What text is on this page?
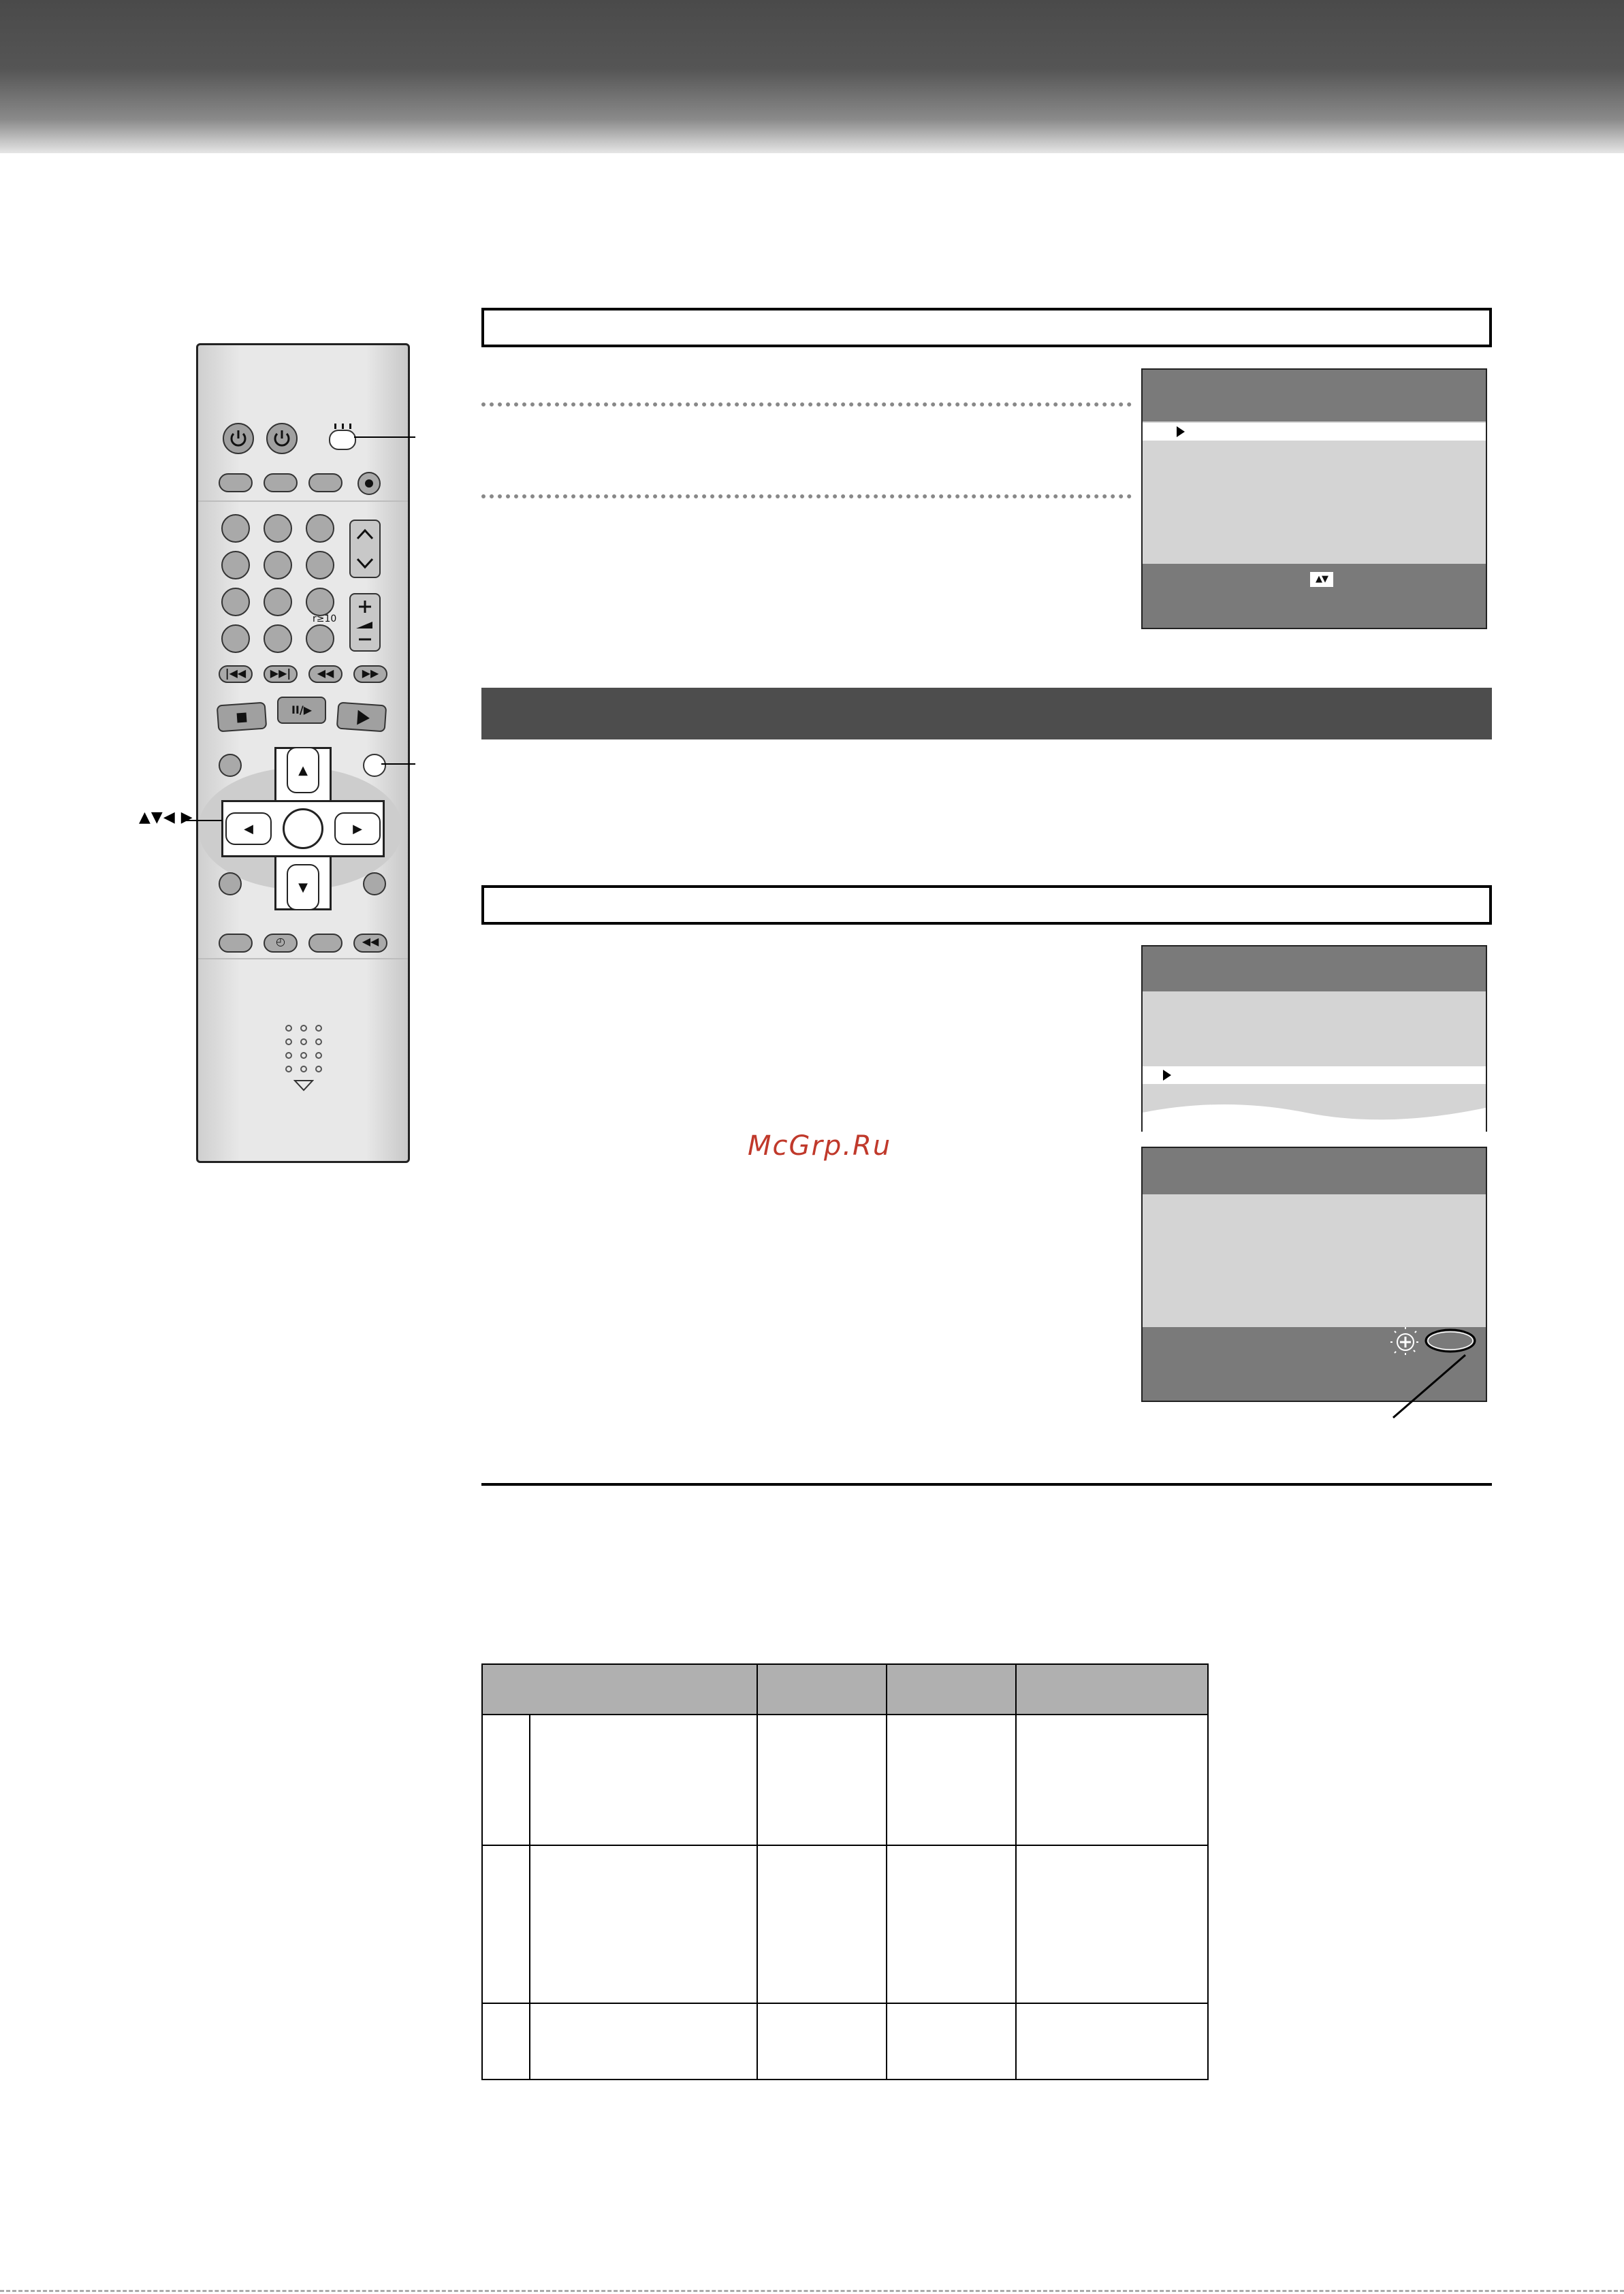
r≥10
|◀◀	▶▶|	◀◀	▶▶
II/▶
▲
▼
◀	▶
◴	◀◀
▲▼◀ ▶
▲▼
McGrp.Ru
